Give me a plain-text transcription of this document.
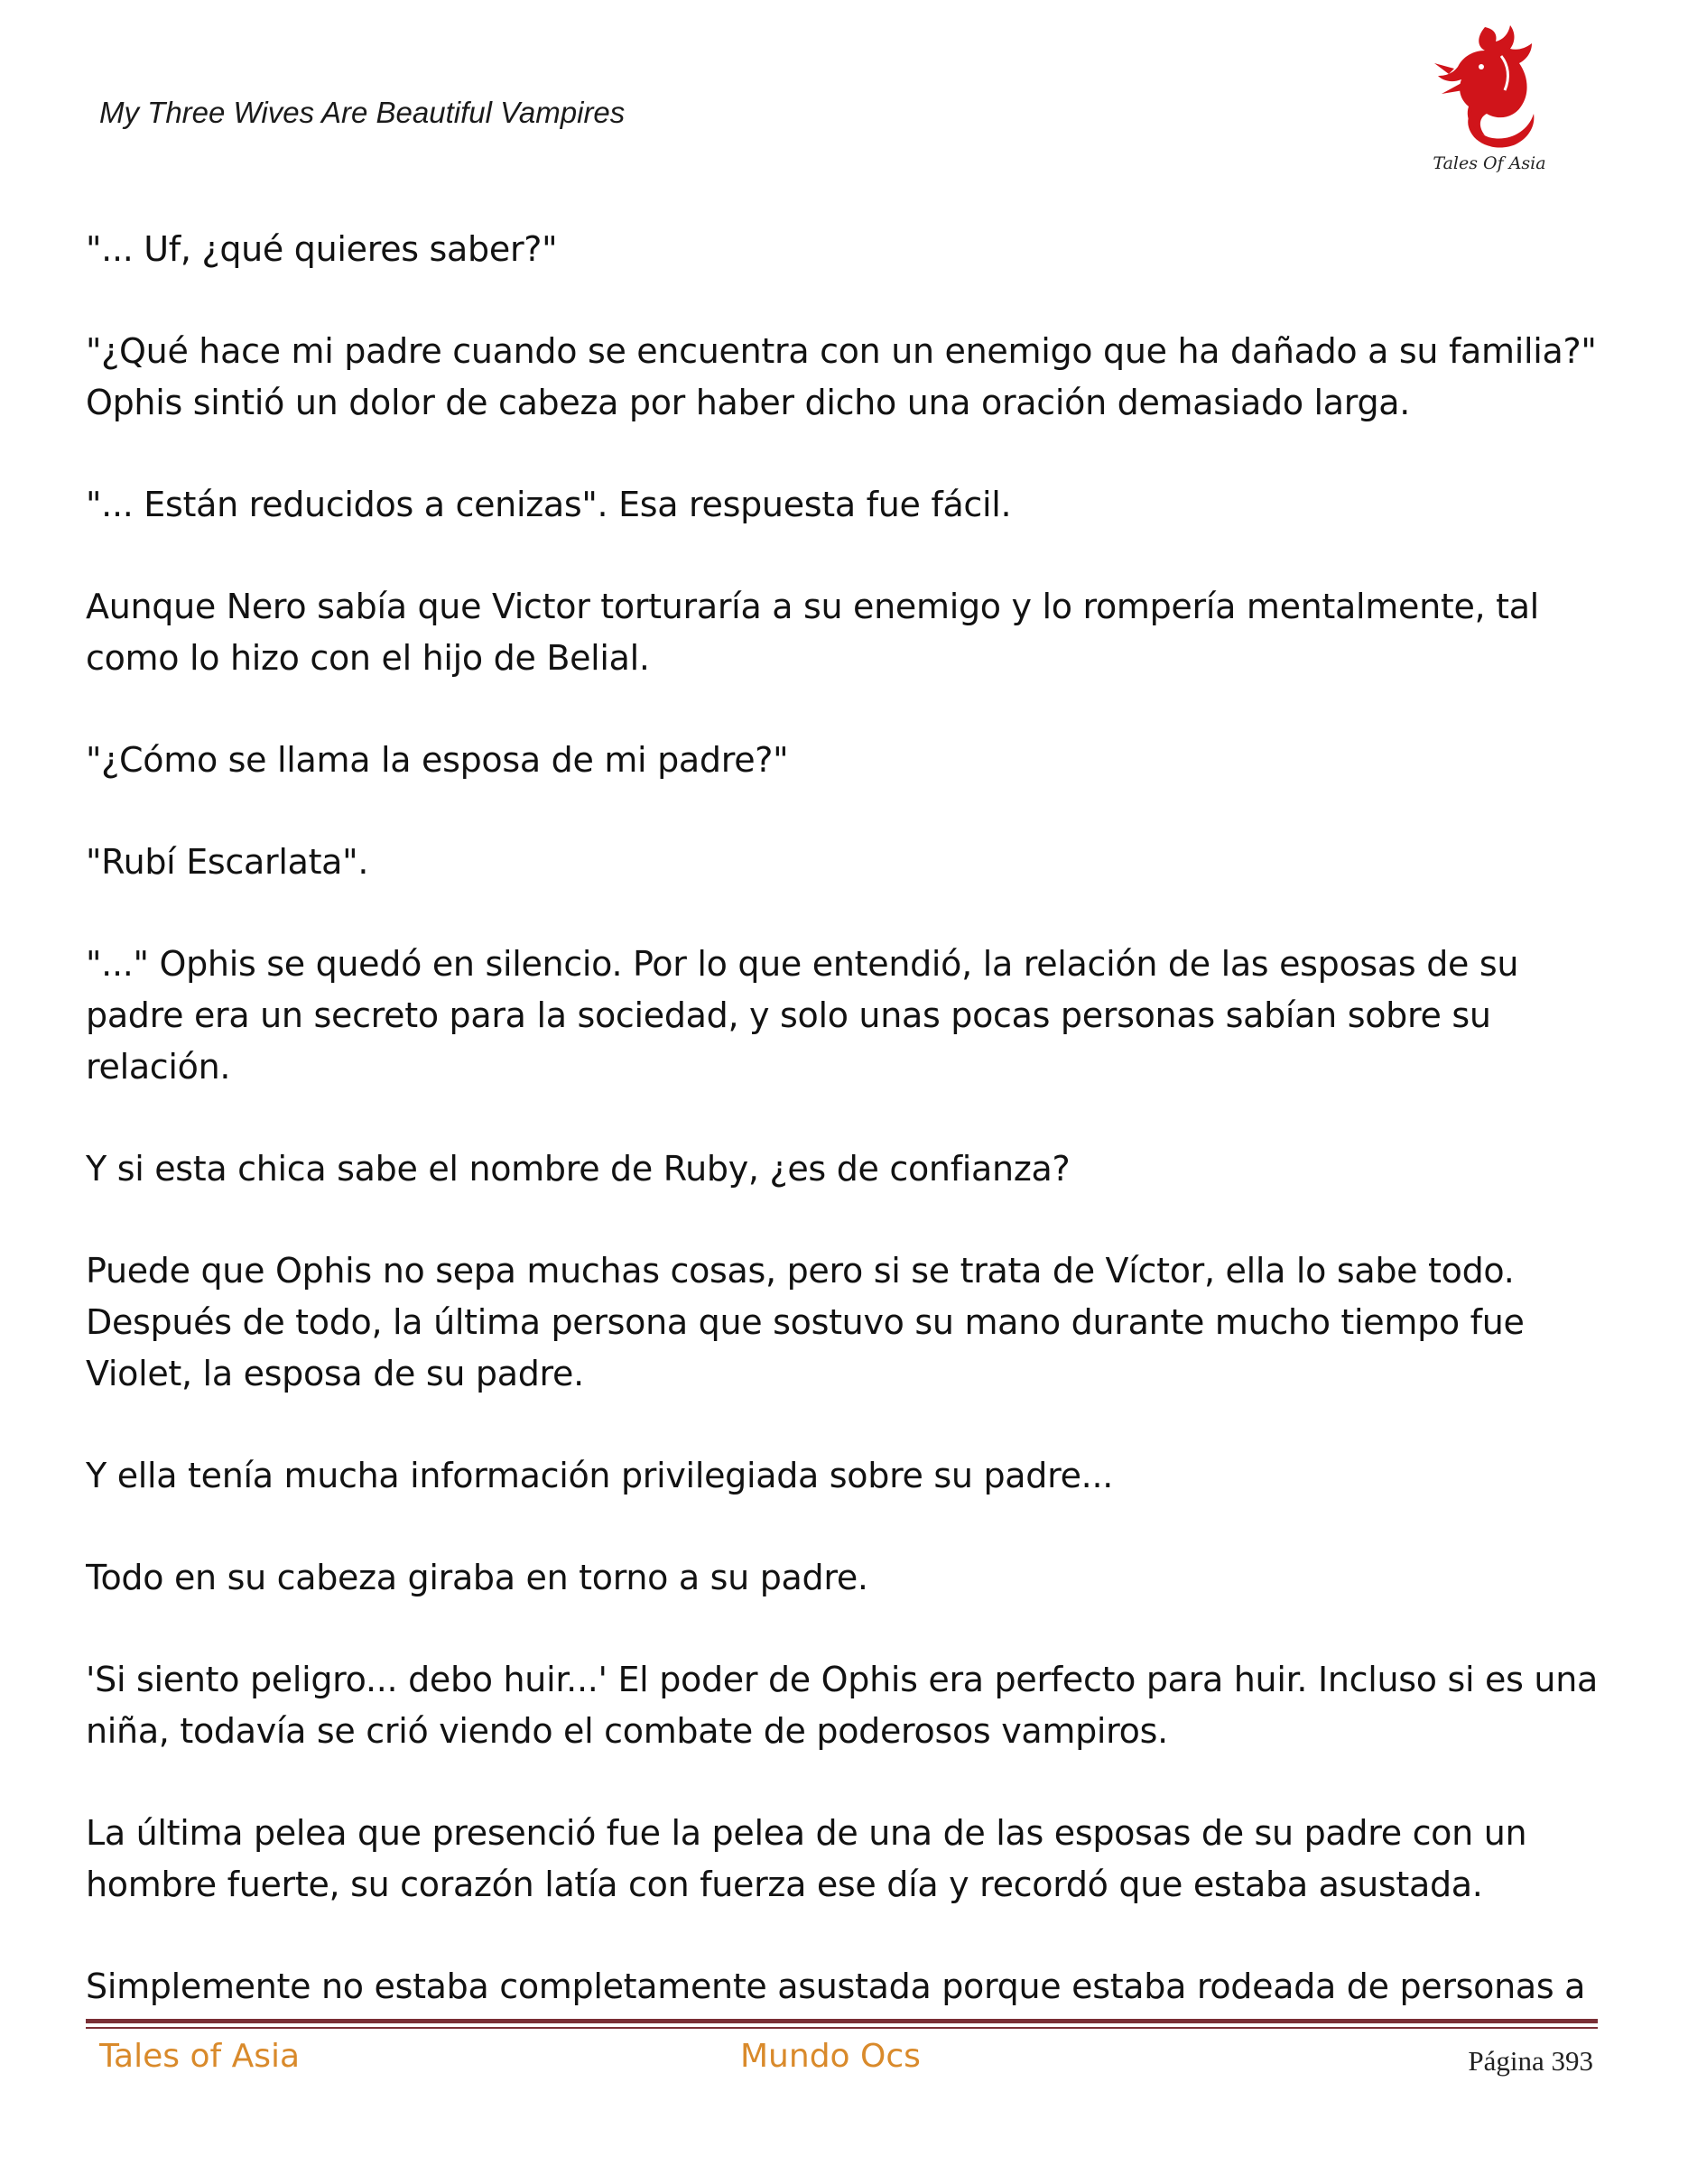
My Three Wives Are Beautiful Vampires
Tales Of Asia

"... Uf, ¿qué quieres saber?"

"¿Qué hace mi padre cuando se encuentra con un enemigo que ha dañado a su familia?" Ophis sintió un dolor de cabeza por haber dicho una oración demasiado larga.

"... Están reducidos a cenizas". Esa respuesta fue fácil.

Aunque Nero sabía que Victor torturaría a su enemigo y lo rompería mentalmente, tal como lo hizo con el hijo de Belial.

"¿Cómo se llama la esposa de mi padre?"

"Rubí Escarlata".

"..." Ophis se quedó en silencio. Por lo que entendió, la relación de las esposas de su padre era un secreto para la sociedad, y solo unas pocas personas sabían sobre su relación.

Y si esta chica sabe el nombre de Ruby, ¿es de confianza?

Puede que Ophis no sepa muchas cosas, pero si se trata de Víctor, ella lo sabe todo. Después de todo, la última persona que sostuvo su mano durante mucho tiempo fue Violet, la esposa de su padre.

Y ella tenía mucha información privilegiada sobre su padre...

Todo en su cabeza giraba en torno a su padre.

'Si siento peligro... debo huir...' El poder de Ophis era perfecto para huir. Incluso si es una niña, todavía se crió viendo el combate de poderosos vampiros.

La última pelea que presenció fue la pelea de una de las esposas de su padre con un hombre fuerte, su corazón latía con fuerza ese día y recordó que estaba asustada.

Simplemente no estaba completamente asustada porque estaba rodeada de personas a

Tales of Asia	Mundo Ocs	Página 393
